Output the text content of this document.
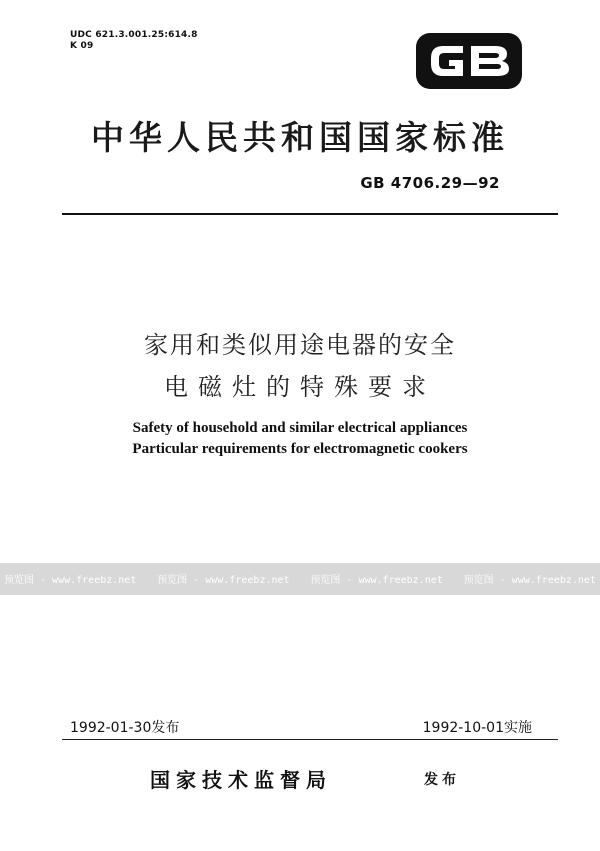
UDC 621.3.001.25:614.8
K 09
中华人民共和国国家标准
GB 4706.29—92
家用和类似用途电器的安全
电磁灶的特殊要求
Safety of household and similar electrical appliances
Particular requirements for electromagnetic cookers
预览图 - www.freebz.net 预览图 - www.freebz.net 预览图 - www.freebz.net 预览图 - www.freebz.net
1992-01-30发布	1992-10-01实施
国家技术监督局	发布
